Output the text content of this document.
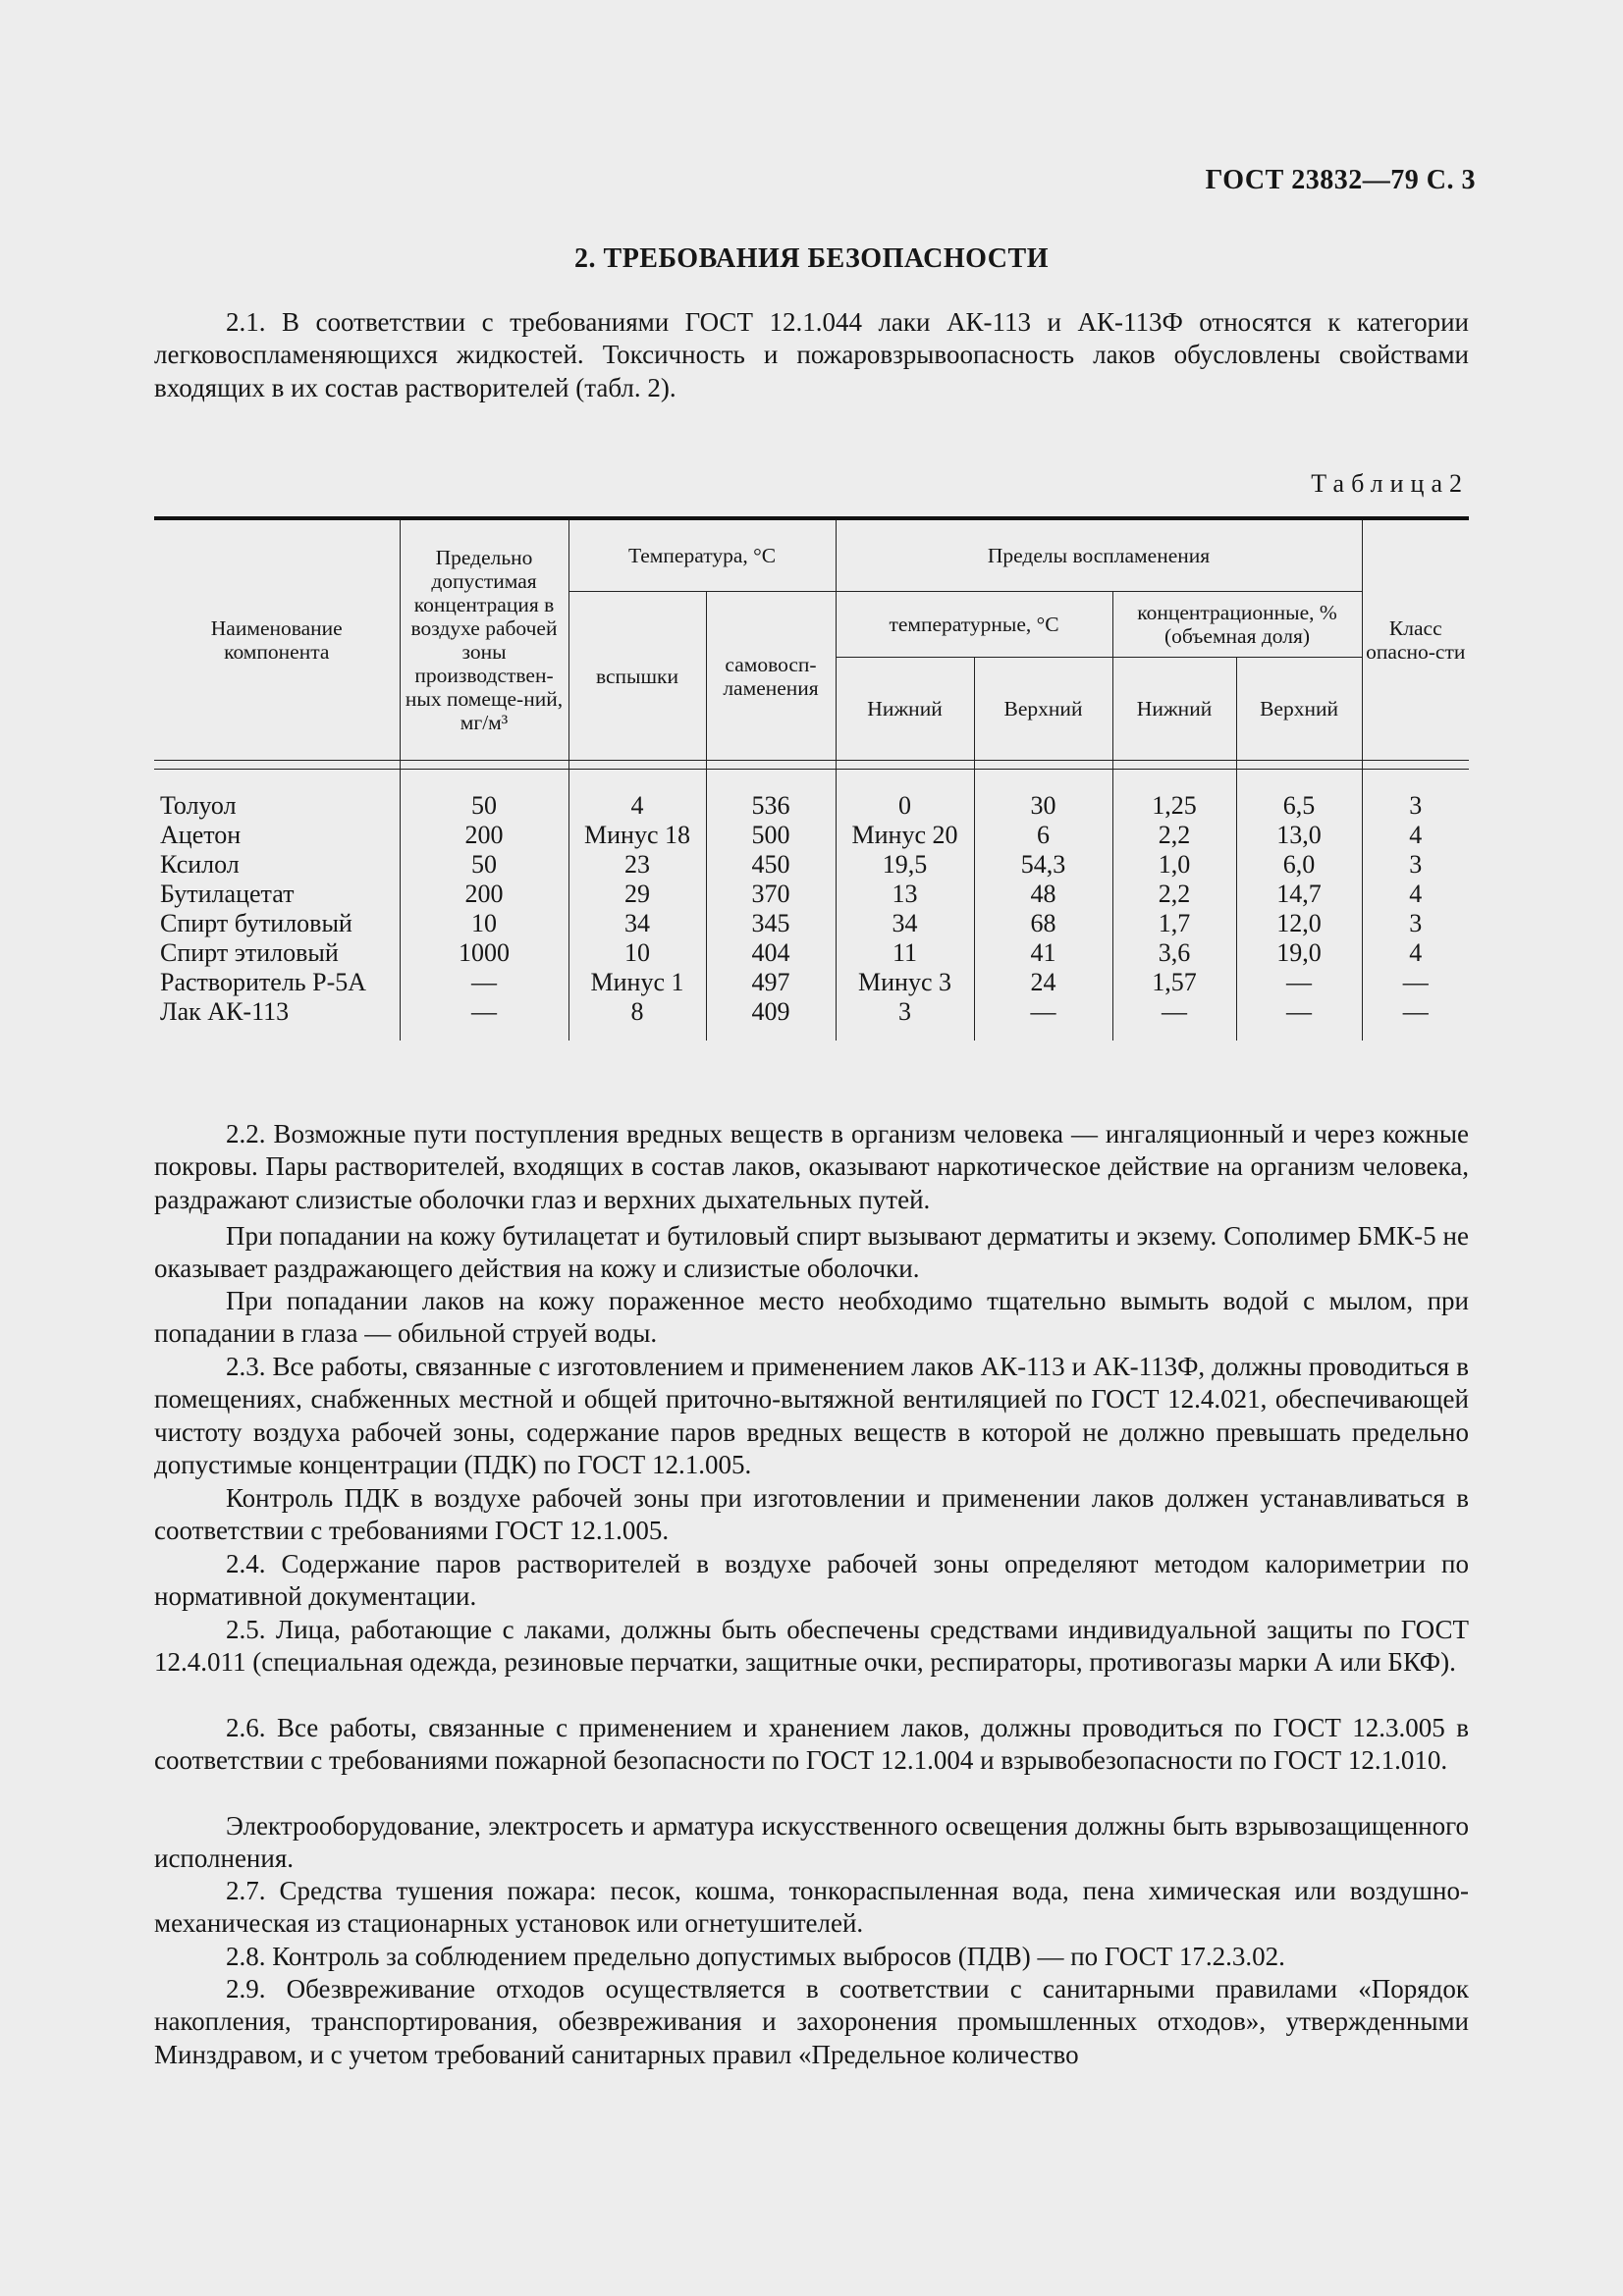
ГОСТ 23832—79 С. 3
2. ТРЕБОВАНИЯ БЕЗОПАСНОСТИ
2.1. В соответствии с требованиями ГОСТ 12.1.044 лаки АК-113 и АК-113Ф относятся к категории легковоспламеняющихся жидкостей. Токсичность и пожаровзрывоопасность лаков обусловлены свойствами входящих в их состав растворителей (табл. 2).
Таблица2
Наименование компонента	Предельно допустимая концентрация в воздухе рабочей зоны производствен-ных помеще-ний, мг/м³	Температура, °С		Пределы воспламенения				Класс опасно-сти
		вспышки	самовосп-ламенения	температурные, °С		концентрационные, % (объемная доля)		
				Нижний	Верхний	Нижний	Верхний	

Толуол	50	4	536	0	30	1,25	6,5	3
Ацетон	200	Минус 18	500	Минус 20	6	2,2	13,0	4
Ксилол	50	23	450	19,5	54,3	1,0	6,0	3
Бутилацетат	200	29	370	13	48	2,2	14,7	4
Спирт бутиловый	10	34	345	34	68	1,7	12,0	3
Спирт этиловый	1000	10	404	11	41	3,6	19,0	4
Растворитель Р-5А	—	Минус 1	497	Минус 3	24	1,57	—	—
Лак АК-113	—	8	409	3	—	—	—	—
2.2. Возможные пути поступления вредных веществ в организм человека — ингаляционный и через кожные покровы. Пары растворителей, входящих в состав лаков, оказывают наркотическое действие на организм человека, раздражают слизистые оболочки глаз и верхних дыхательных путей.
При попадании на кожу бутилацетат и бутиловый спирт вызывают дерматиты и экзему. Сополимер БМК-5 не оказывает раздражающего действия на кожу и слизистые оболочки.
При попадании лаков на кожу пораженное место необходимо тщательно вымыть водой с мылом, при попадании в глаза — обильной струей воды.
2.3. Все работы, связанные с изготовлением и применением лаков АК-113 и АК-113Ф, должны проводиться в помещениях, снабженных местной и общей приточно-вытяжной вентиляцией по ГОСТ 12.4.021, обеспечивающей чистоту воздуха рабочей зоны, содержание паров вредных веществ в которой не должно превышать предельно допустимые концентрации (ПДК) по ГОСТ 12.1.005.
Контроль ПДК в воздухе рабочей зоны при изготовлении и применении лаков должен устанавливаться в соответствии с требованиями ГОСТ 12.1.005.
2.4. Содержание паров растворителей в воздухе рабочей зоны определяют методом калориметрии по нормативной документации.
2.5. Лица, работающие с лаками, должны быть обеспечены средствами индивидуальной защиты по ГОСТ 12.4.011 (специальная одежда, резиновые перчатки, защитные очки, респираторы, противогазы марки А или БКФ).
2.6. Все работы, связанные с применением и хранением лаков, должны проводиться по ГОСТ 12.3.005 в соответствии с требованиями пожарной безопасности по ГОСТ 12.1.004 и взрывобезопасности по ГОСТ 12.1.010.
Электрооборудование, электросеть и арматура искусственного освещения должны быть взрывозащищенного исполнения.
2.7. Средства тушения пожара: песок, кошма, тонкораспыленная вода, пена химическая или воздушно-механическая из стационарных установок или огнетушителей.
2.8. Контроль за соблюдением предельно допустимых выбросов (ПДВ) — по ГОСТ 17.2.3.02.
2.9. Обезвреживание отходов осуществляется в соответствии с санитарными правилами «Порядок накопления, транспортирования, обезвреживания и захоронения промышленных отходов», утвержденными Минздравом, и с учетом требований санитарных правил «Предельное количество
